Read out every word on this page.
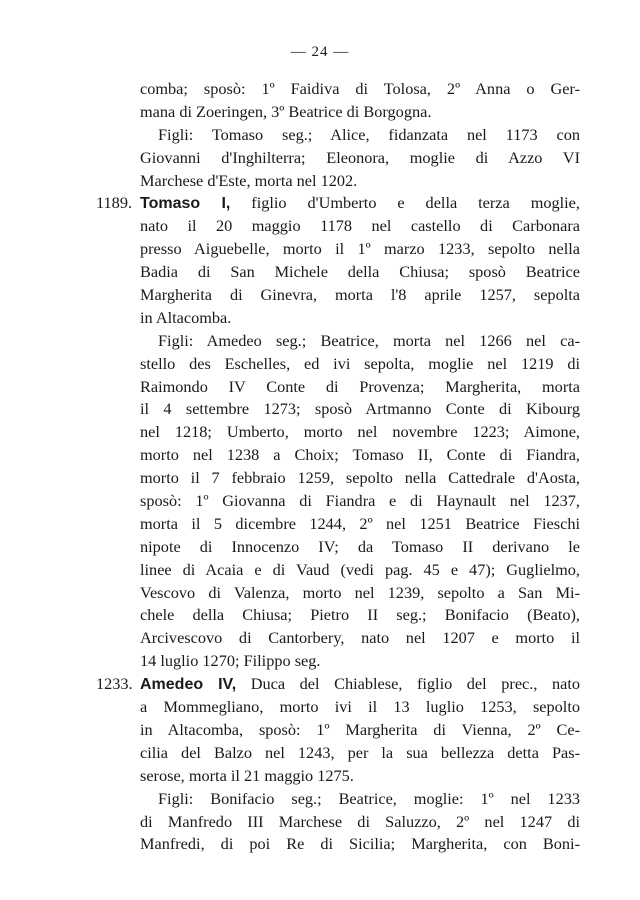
— 24 —
comba; sposò: 1º Faidiva di Tolosa, 2º Anna o Ger-
mana di Zoeringen, 3º Beatrice di Borgogna.
Figli: Tomaso seg.; Alice, fidanzata nel 1173 con
Giovanni d'Inghilterra; Eleonora, moglie di Azzo VI
Marchese d'Este, morta nel 1202.
1189. Tomaso I, figlio d'Umberto e della terza moglie,
nato il 20 maggio 1178 nel castello di Carbonara
presso Aiguebelle, morto il 1º marzo 1233, sepolto nella
Badia di San Michele della Chiusa; sposò Beatrice
Margherita di Ginevra, morta l'8 aprile 1257, sepolta
in Altacomba.
Figli: Amedeo seg.; Beatrice, morta nel 1266 nel ca-
stello des Eschelles, ed ivi sepolta, moglie nel 1219 di
Raimondo IV Conte di Provenza; Margherita, morta
il 4 settembre 1273; sposò Artmanno Conte di Kibourg
nel 1218; Umberto, morto nel novembre 1223; Aimone,
morto nel 1238 a Choix; Tomaso II, Conte di Fiandra,
morto il 7 febbraio 1259, sepolto nella Cattedrale d'Aosta,
sposò: 1º Giovanna di Fiandra e di Haynault nel 1237,
morta il 5 dicembre 1244, 2º nel 1251 Beatrice Fieschi
nipote di Innocenzo IV; da Tomaso II derivano le
linee di Acaia e di Vaud (vedi pag. 45 e 47); Guglielmo,
Vescovo di Valenza, morto nel 1239, sepolto a San Mi-
chele della Chiusa; Pietro II seg.; Bonifacio (Beato),
Arcivescovo di Cantorbery, nato nel 1207 e morto il
14 luglio 1270; Filippo seg.
1233. Amedeo IV, Duca del Chiablese, figlio del prec., nato
a Mommegliano, morto ivi il 13 luglio 1253, sepolto
in Altacomba, sposò: 1º Margherita di Vienna, 2º Ce-
cilia del Balzo nel 1243, per la sua bellezza detta Pas-
serose, morta il 21 maggio 1275.
Figli: Bonifacio seg.; Beatrice, moglie: 1º nel 1233
di Manfredo III Marchese di Saluzzo, 2º nel 1247 di
Manfredi, di poi Re di Sicilia; Margherita, con Boni-
